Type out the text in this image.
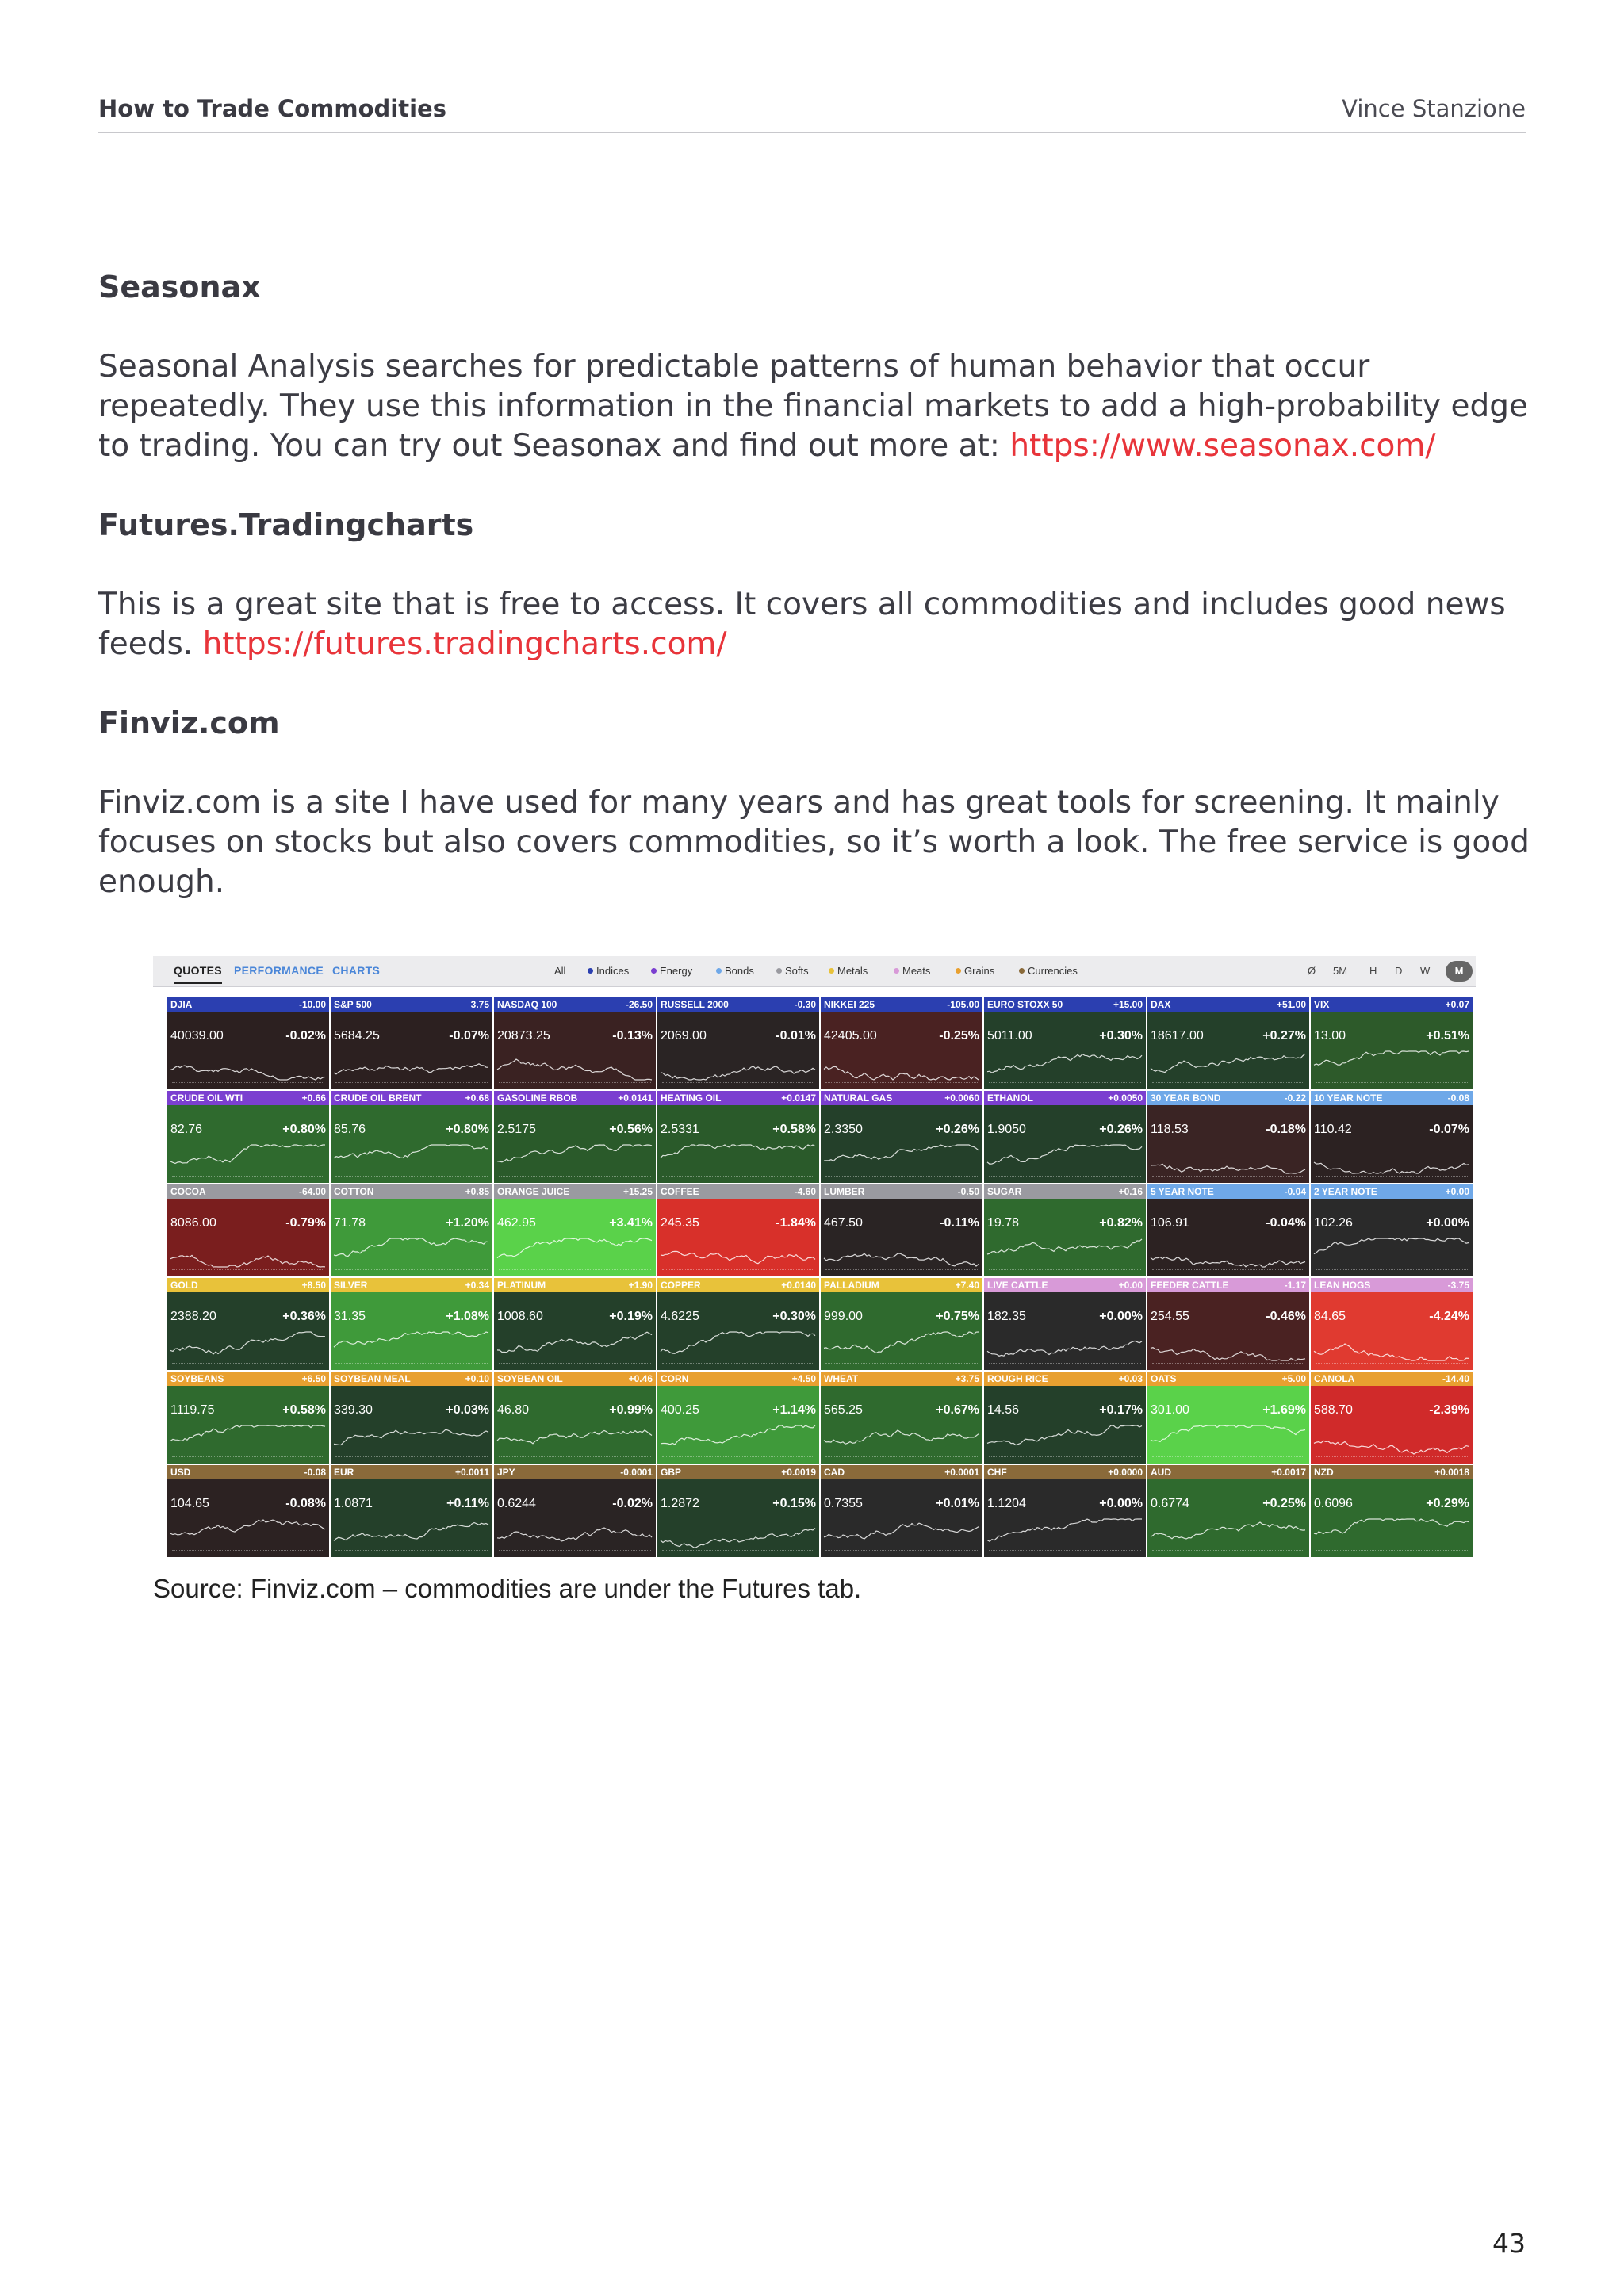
How to Trade Commodities	Vince Stanzione
Seasonax
Seasonal Analysis searches for predictable patterns of human behavior that occur repeatedly. They use this information in the financial markets to add a high-probability edge to trading. You can try out Seasonax and find out more at: https://www.seasonax.com/
Futures.Tradingcharts
This is a great site that is free to access. It covers all commodities and includes good news feeds. https://futures.tradingcharts.com/
Finviz.com
Finviz.com is a site I have used for many years and has great tools for screening. It mainly focuses on stocks but also covers commodities, so it’s worth a look. The free service is good enough.
QUOTES PERFORMANCE CHARTS	All	Indices	Energy	Bonds	Softs	Metals	Meats	Grains	Currencies	Ø 5M H D W	M
DJIA	-10.00
40039.00	-0.02%
S&P 500	3.75
5684.25	-0.07%
NASDAQ 100	-26.50
20873.25	-0.13%
RUSSELL 2000	-0.30
2069.00	-0.01%
NIKKEI 225	-105.00
42405.00	-0.25%
EURO STOXX 50	+15.00
5011.00	+0.30%
DAX	+51.00
18617.00	+0.27%
VIX	+0.07
13.00	+0.51%
CRUDE OIL WTI	+0.66
82.76	+0.80%
CRUDE OIL BRENT	+0.68
85.76	+0.80%
GASOLINE RBOB	+0.0141
2.5175	+0.56%
HEATING OIL	+0.0147
2.5331	+0.58%
NATURAL GAS	+0.0060
2.3350	+0.26%
ETHANOL	+0.0050
1.9050	+0.26%
30 YEAR BOND	-0.22
118.53	-0.18%
10 YEAR NOTE	-0.08
110.42	-0.07%
COCOA	-64.00
8086.00	-0.79%
COTTON	+0.85
71.78	+1.20%
ORANGE JUICE	+15.25
462.95	+3.41%
COFFEE	-4.60
245.35	-1.84%
LUMBER	-0.50
467.50	-0.11%
SUGAR	+0.16
19.78	+0.82%
5 YEAR NOTE	-0.04
106.91	-0.04%
2 YEAR NOTE	+0.00
102.26	+0.00%
GOLD	+8.50
2388.20	+0.36%
SILVER	+0.34
31.35	+1.08%
PLATINUM	+1.90
1008.60	+0.19%
COPPER	+0.0140
4.6225	+0.30%
PALLADIUM	+7.40
999.00	+0.75%
LIVE CATTLE	+0.00
182.35	+0.00%
FEEDER CATTLE	-1.17
254.55	-0.46%
LEAN HOGS	-3.75
84.65	-4.24%
SOYBEANS	+6.50
1119.75	+0.58%
SOYBEAN MEAL	+0.10
339.30	+0.03%
SOYBEAN OIL	+0.46
46.80	+0.99%
CORN	+4.50
400.25	+1.14%
WHEAT	+3.75
565.25	+0.67%
ROUGH RICE	+0.03
14.56	+0.17%
OATS	+5.00
301.00	+1.69%
CANOLA	-14.40
588.70	-2.39%
USD	-0.08
104.65	-0.08%
EUR	+0.0011
1.0871	+0.11%
JPY	-0.0001
0.6244	-0.02%
GBP	+0.0019
1.2872	+0.15%
CAD	+0.0001
0.7355	+0.01%
CHF	+0.0000
1.1204	+0.00%
AUD	+0.0017
0.6774	+0.25%
NZD	+0.0018
0.6096	+0.29%
Source: Finviz.com – commodities are under the Futures tab.
43
